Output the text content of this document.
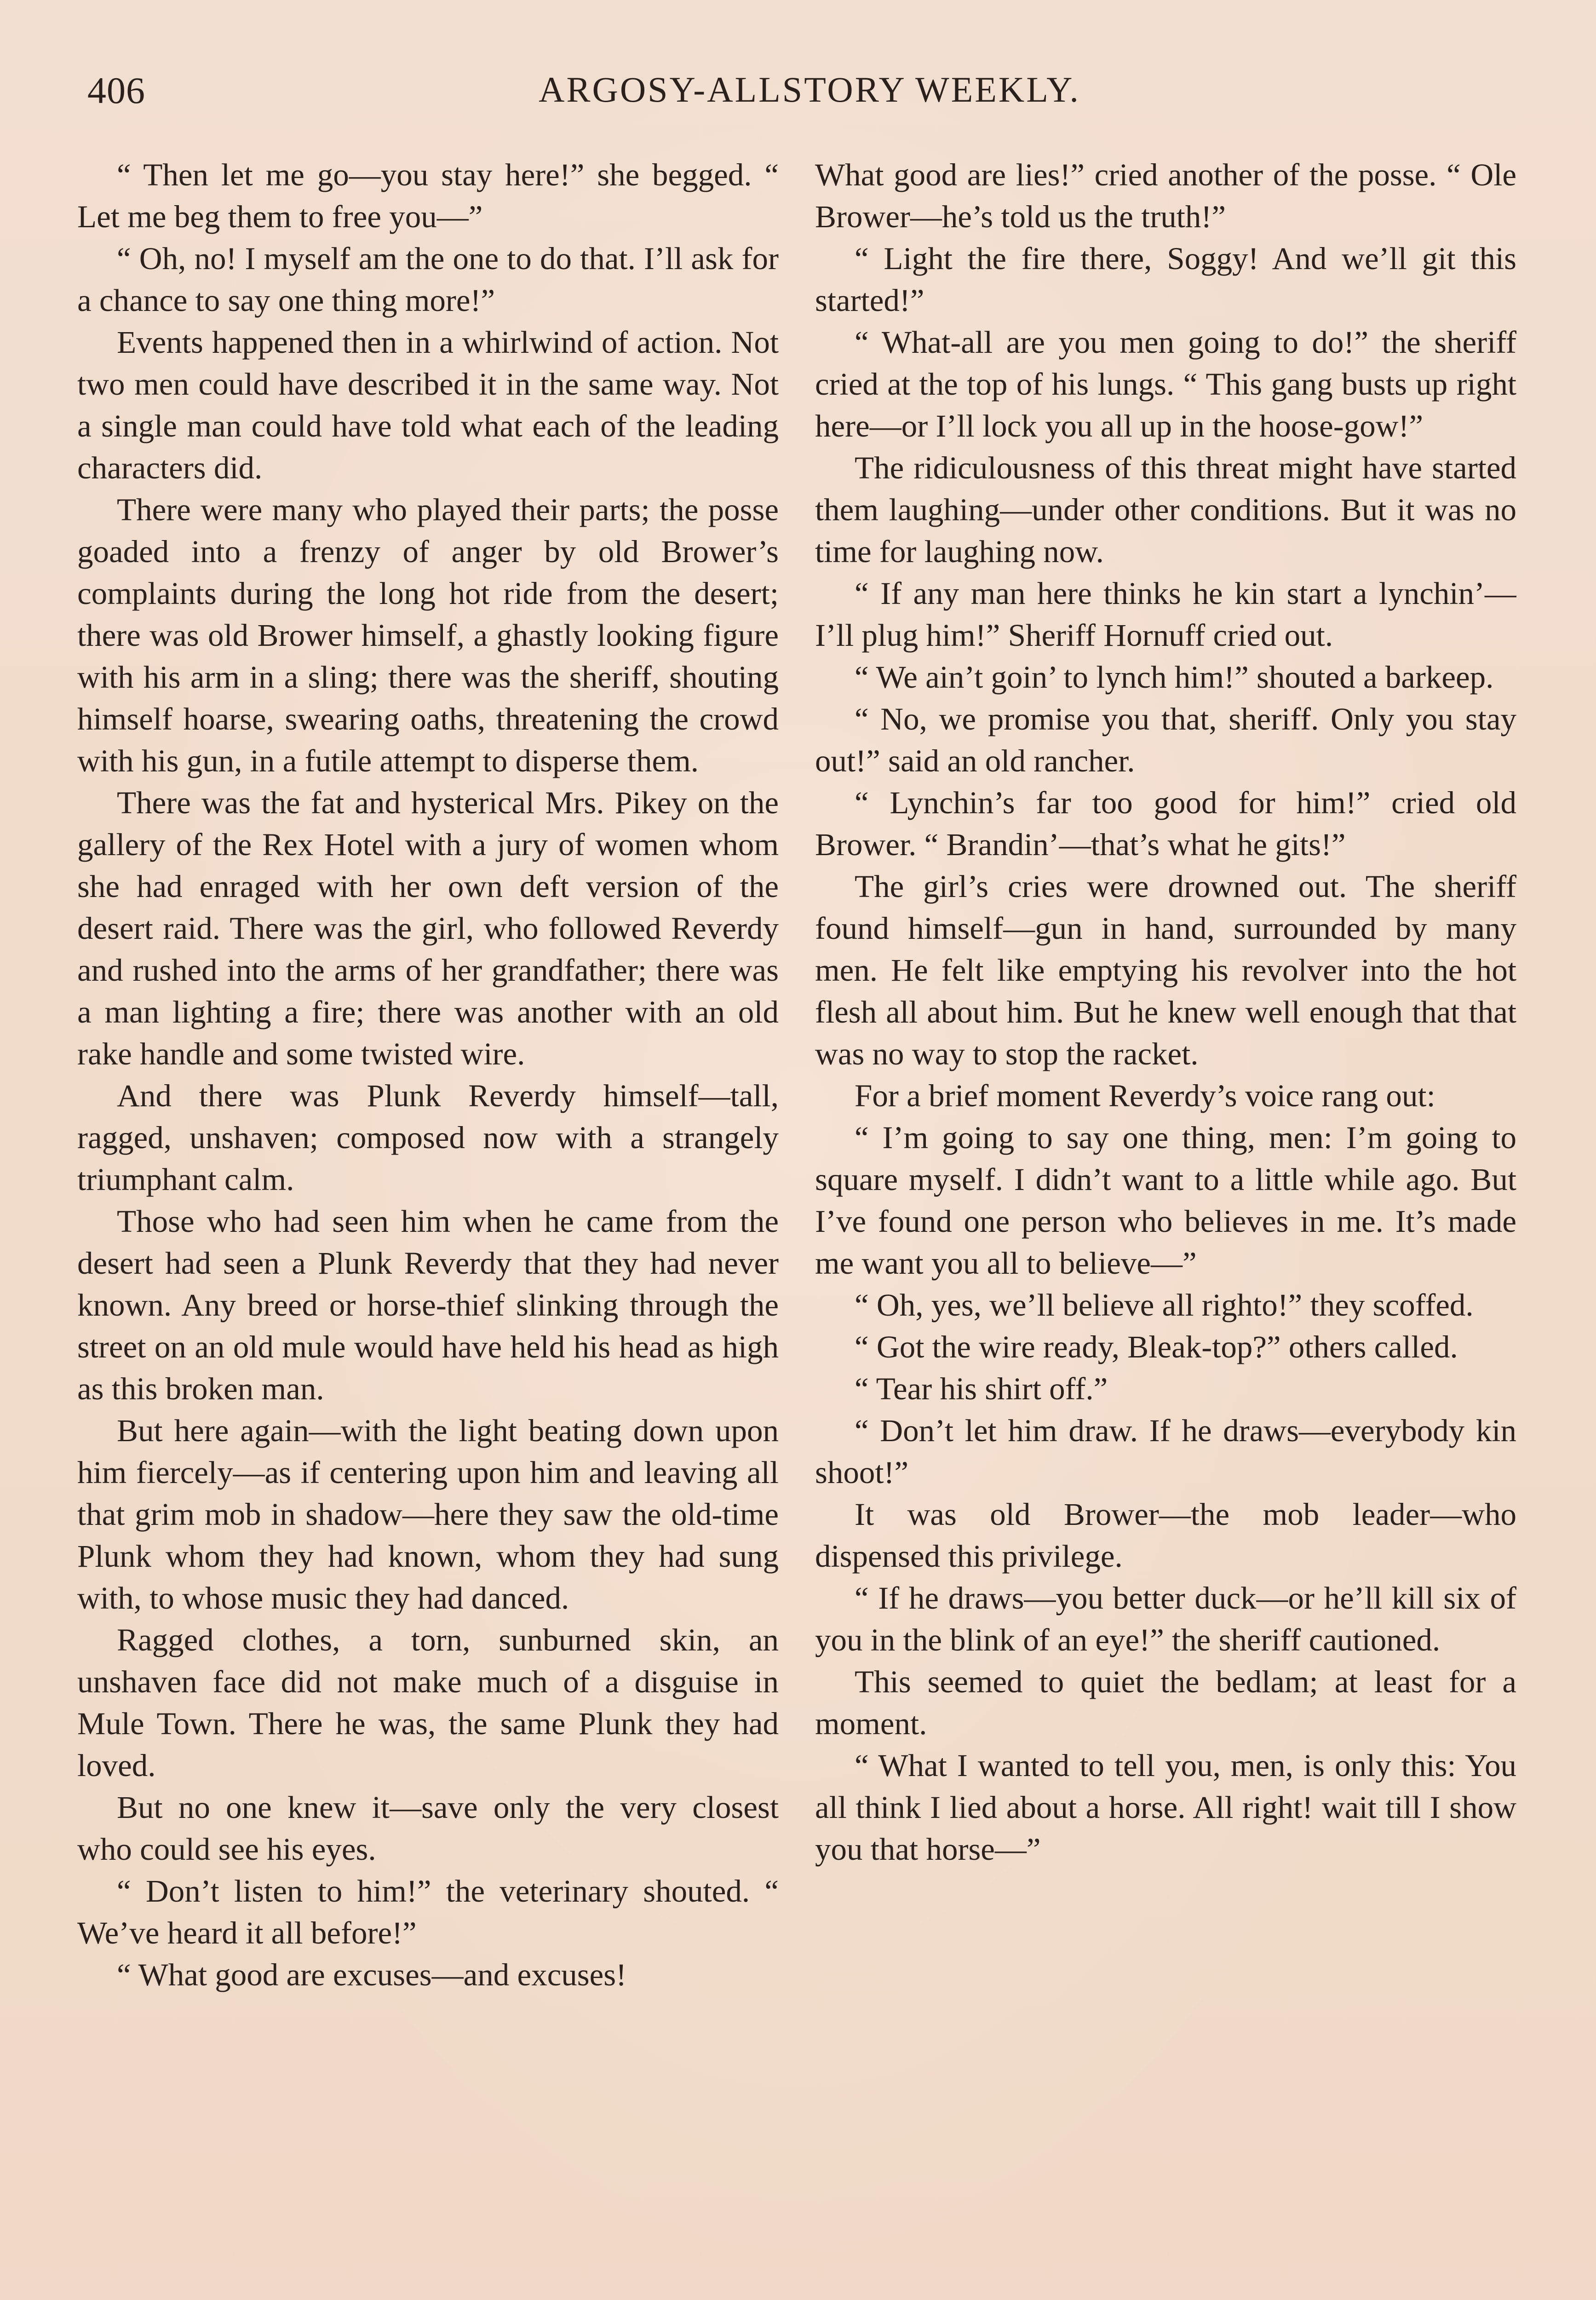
406	ARGOSY-ALLSTORY WEEKLY.

“ Then let me go—you stay here!” she begged. “ Let me beg them to free you—”

“ Oh, no! I myself am the one to do that. I’ll ask for a chance to say one thing more!”

Events happened then in a whirlwind of action. Not two men could have described it in the same way. Not a single man could have told what each of the leading characters did.

There were many who played their parts; the posse goaded into a frenzy of anger by old Brower’s complaints during the long hot ride from the desert; there was old Brower himself, a ghastly looking figure with his arm in a sling; there was the sheriff, shouting himself hoarse, swearing oaths, threatening the crowd with his gun, in a futile attempt to disperse them.

There was the fat and hysterical Mrs. Pikey on the gallery of the Rex Hotel with a jury of women whom she had enraged with her own deft version of the desert raid. There was the girl, who followed Reverdy and rushed into the arms of her grandfather; there was a man lighting a fire; there was another with an old rake handle and some twisted wire.

And there was Plunk Reverdy himself—tall, ragged, unshaven; composed now with a strangely triumphant calm.

Those who had seen him when he came from the desert had seen a Plunk Reverdy that they had never known. Any breed or horse-thief slinking through the street on an old mule would have held his head as high as this broken man.

But here again—with the light beating down upon him fiercely—as if centering upon him and leaving all that grim mob in shadow—here they saw the old-time Plunk whom they had known, whom they had sung with, to whose music they had danced.

Ragged clothes, a torn, sunburned skin, an unshaven face did not make much of a disguise in Mule Town. There he was, the same Plunk they had loved.

But no one knew it—save only the very closest who could see his eyes.

“ Don’t listen to him!” the veterinary shouted. “ We’ve heard it all before!”

“ What good are excuses—and excuses!

What good are lies!” cried another of the posse. “ Ole Brower—he’s told us the truth!”

“ Light the fire there, Soggy! And we’ll git this started!”

“ What-all are you men going to do!” the sheriff cried at the top of his lungs. “ This gang busts up right here—or I’ll lock you all up in the hoose-gow!”

The ridiculousness of this threat might have started them laughing—under other conditions. But it was no time for laughing now.

“ If any man here thinks he kin start a lynchin’—I’ll plug him!” Sheriff Hornuff cried out.

“ We ain’t goin’ to lynch him!” shouted a barkeep.

“ No, we promise you that, sheriff. Only you stay out!” said an old rancher.

“ Lynchin’s far too good for him!” cried old Brower. “ Brandin’—that’s what he gits!”

The girl’s cries were drowned out. The sheriff found himself—gun in hand, surrounded by many men. He felt like emptying his revolver into the hot flesh all about him. But he knew well enough that that was no way to stop the racket.

For a brief moment Reverdy’s voice rang out:

“ I’m going to say one thing, men: I’m going to square myself. I didn’t want to a little while ago. But I’ve found one person who believes in me. It’s made me want you all to believe—”

“ Oh, yes, we’ll believe all righto!” they scoffed.

“ Got the wire ready, Bleak-top?” others called.

“ Tear his shirt off.”

“ Don’t let him draw. If he draws—everybody kin shoot!”

It was old Brower—the mob leader—who dispensed this privilege.

“ If he draws—you better duck—or he’ll kill six of you in the blink of an eye!” the sheriff cautioned.

This seemed to quiet the bedlam; at least for a moment.

“ What I wanted to tell you, men, is only this: You all think I lied about a horse. All right! wait till I show you that horse—”
